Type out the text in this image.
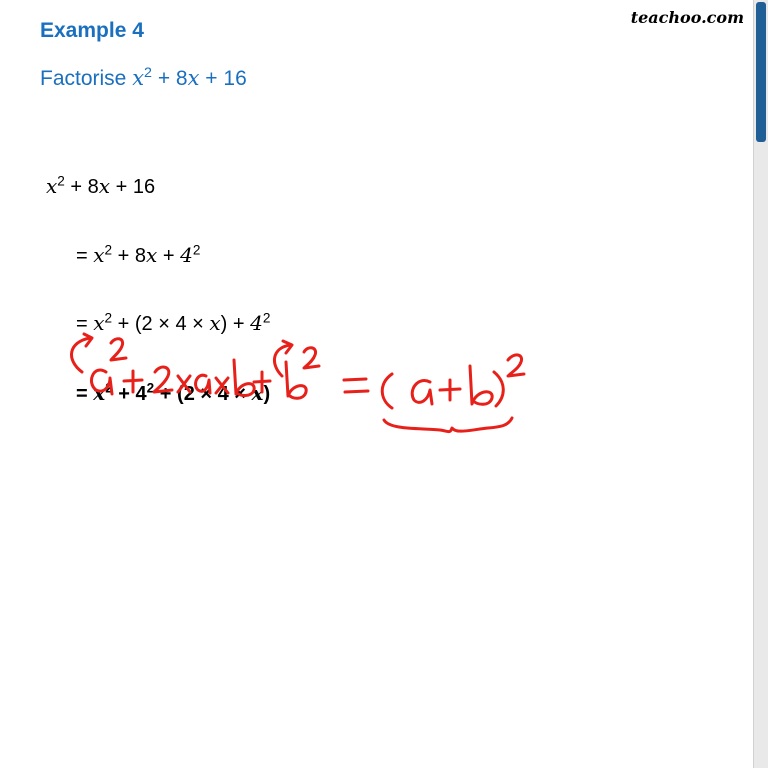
Example 4
teachoo.com
Factorise $x^2 + 8x + 16$
$x^2 + 8x + 16$
= $x^2 + 8x + 4^2$
= $x^2 + (2 \times 4 \times x) + 4^2$
= $x^2 + 4^2 + (2 \times 4 \times x)$
